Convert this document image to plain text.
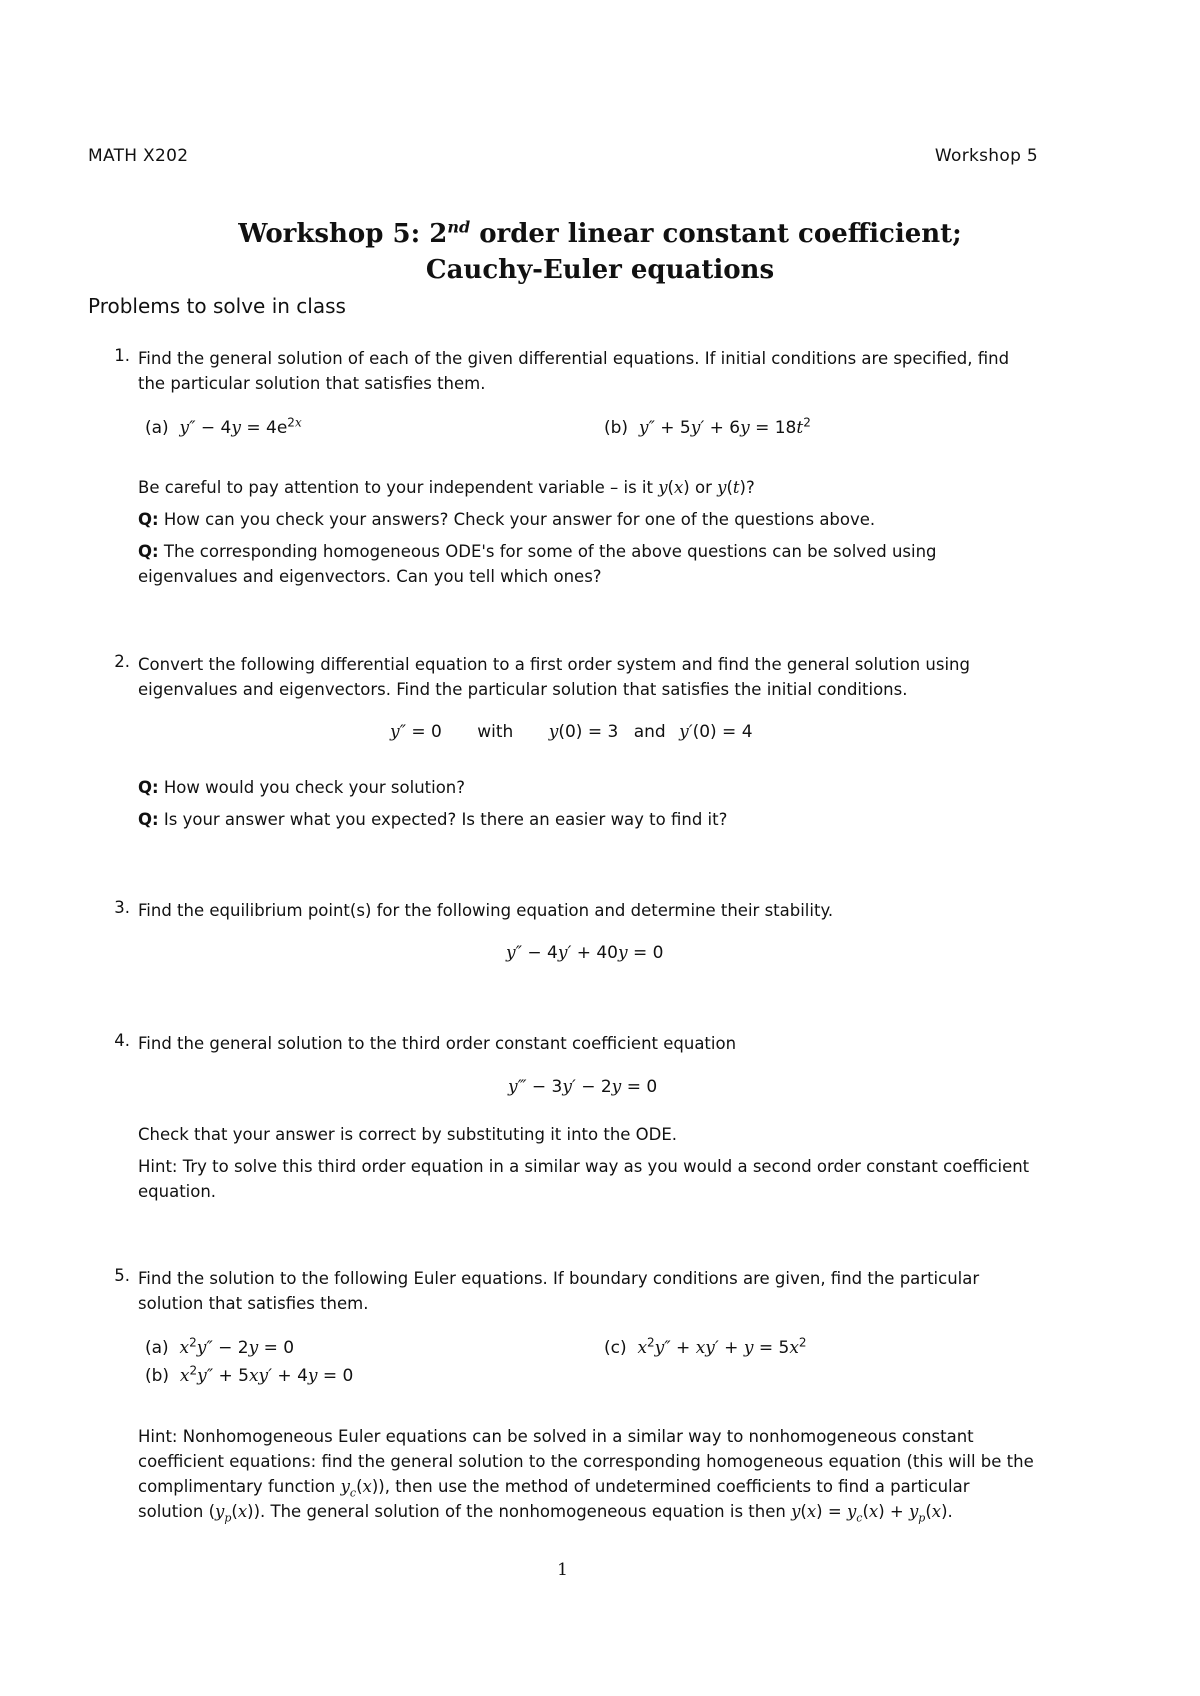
MATH X202	Workshop 5
Workshop 5: 2nd order linear constant coefficient;
Cauchy-Euler equations
Problems to solve in class
1. Find the general solution of each of the given differential equations. If initial conditions are specified, find the particular solution that satisfies them.
(a) $y'' - 4y = 4e^{2x}$	(b) $y'' + 5y' + 6y = 18t^2$
Be careful to pay attention to your independent variable – is it y(x) or y(t)?
Q: How can you check your answers? Check your answer for one of the questions above.
Q: The corresponding homogeneous ODE's for some of the above questions can be solved using eigenvalues and eigenvectors. Can you tell which ones?
2. Convert the following differential equation to a first order system and find the general solution using eigenvalues and eigenvectors. Find the particular solution that satisfies the initial conditions.
y″ = 0 with y(0) = 3 and y′(0) = 4
Q: How would you check your solution?
Q: Is your answer what you expected? Is there an easier way to find it?
3. Find the equilibrium point(s) for the following equation and determine their stability.
y″ − 4y′ + 40y = 0
4. Find the general solution to the third order constant coefficient equation
y‴ − 3y′ − 2y = 0
Check that your answer is correct by substituting it into the ODE.
Hint: Try to solve this third order equation in a similar way as you would a second order constant coefficient equation.
5. Find the solution to the following Euler equations. If boundary conditions are given, find the particular solution that satisfies them.
(a) $x^2y'' - 2y = 0$
(b) $x^2y'' + 5xy' + 4y = 0$
(c) $x^2y'' + xy' + y = 5x^2$
Hint: Nonhomogeneous Euler equations can be solved in a similar way to nonhomogeneous constant coefficient equations: find the general solution to the corresponding homogeneous equation (this will be the complimentary function $y_c(x)$), then use the method of undetermined coefficients to find a particular solution $(y_p(x))$. The general solution of the nonhomogeneous equation is then $y(x) = y_c(x) + y_p(x)$.
1
